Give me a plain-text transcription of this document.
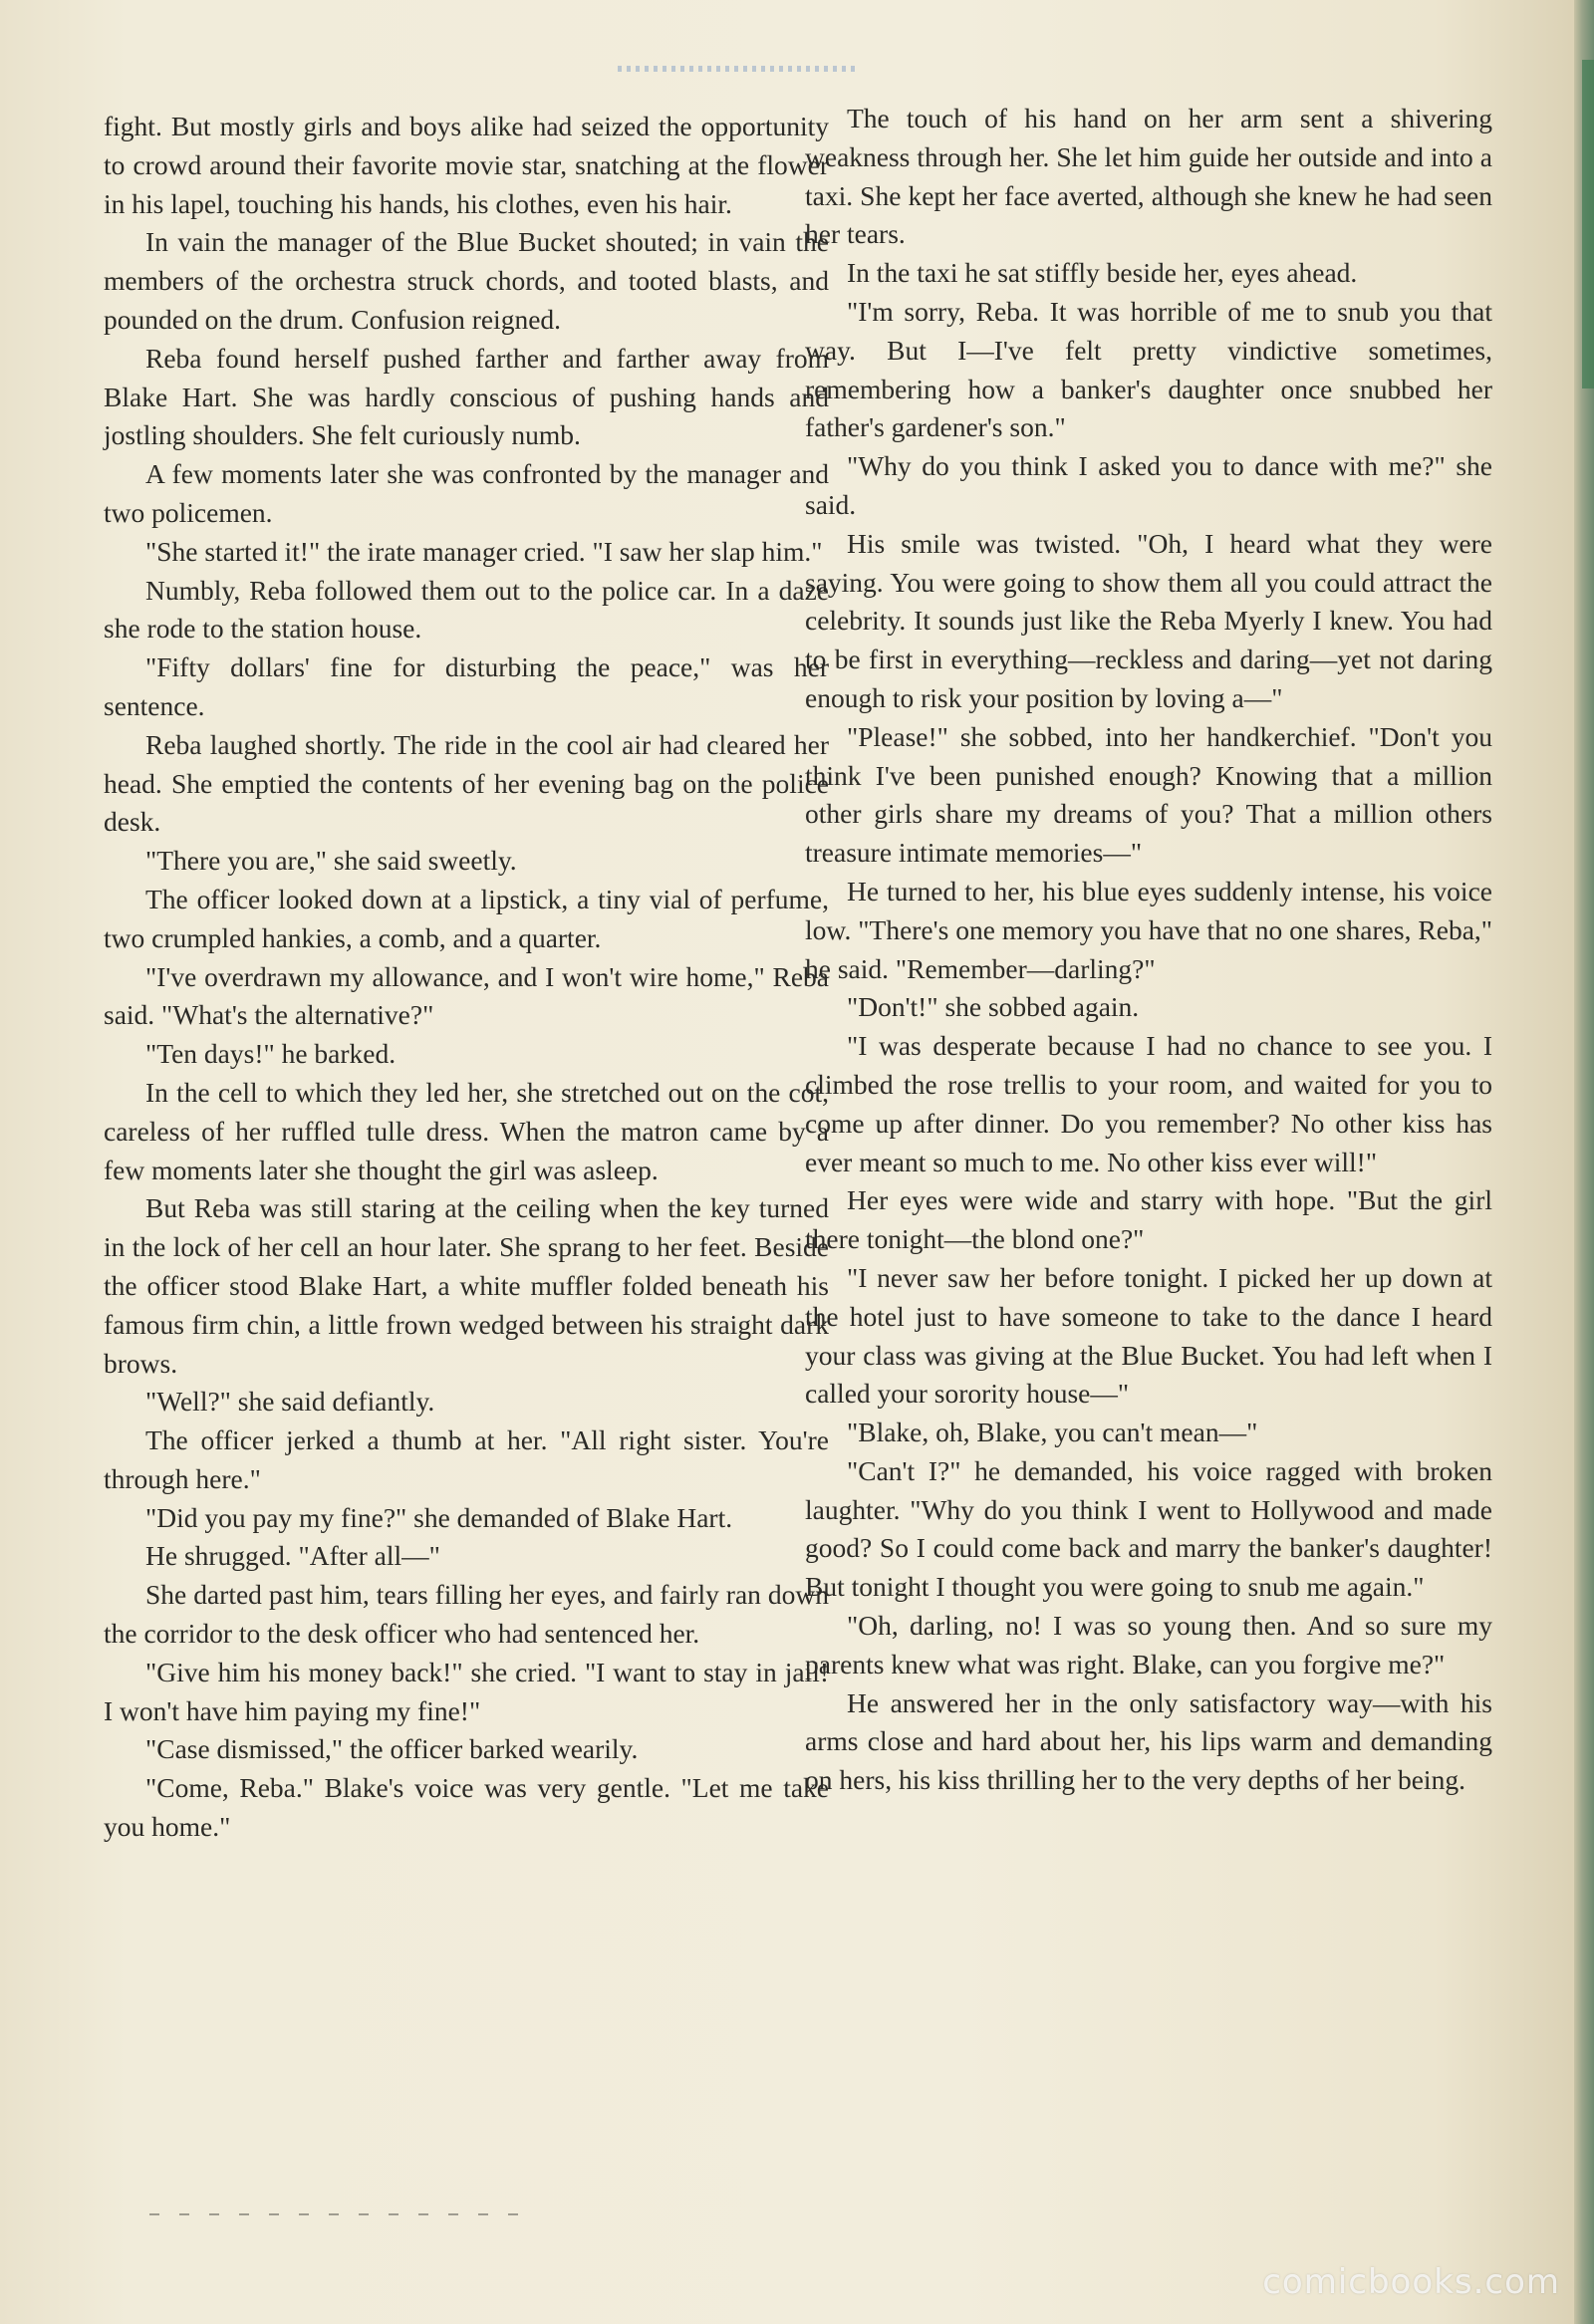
fight. But mostly girls and boys alike had seized the opportunity to crowd around their favorite movie star, snatching at the flower in his lapel, touching his hands, his clothes, even his hair.

In vain the manager of the Blue Bucket shouted; in vain the members of the orchestra struck chords, and tooted blasts, and pounded on the drum. Confusion reigned.

Reba found herself pushed farther and farther away from Blake Hart. She was hardly conscious of pushing hands and jostling shoulders. She felt curiously numb.

A few moments later she was confronted by the manager and two policemen.

"She started it!" the irate manager cried. "I saw her slap him."

Numbly, Reba followed them out to the police car. In a daze she rode to the station house.

"Fifty dollars' fine for disturbing the peace," was her sentence.

Reba laughed shortly. The ride in the cool air had cleared her head. She emptied the contents of her evening bag on the police desk.

"There you are," she said sweetly.

The officer looked down at a lipstick, a tiny vial of perfume, two crumpled hankies, a comb, and a quarter.

"I've overdrawn my allowance, and I won't wire home," Reba said. "What's the alternative?"

"Ten days!" he barked.

In the cell to which they led her, she stretched out on the cot, careless of her ruffled tulle dress. When the matron came by a few moments later she thought the girl was asleep.

But Reba was still staring at the ceiling when the key turned in the lock of her cell an hour later. She sprang to her feet. Beside the officer stood Blake Hart, a white muffler folded beneath his famous firm chin, a little frown wedged between his straight dark brows.

"Well?" she said defiantly.

The officer jerked a thumb at her. "All right sister. You're through here."

"Did you pay my fine?" she demanded of Blake Hart.

He shrugged. "After all—"

She darted past him, tears filling her eyes, and fairly ran down the corridor to the desk officer who had sentenced her.

"Give him his money back!" she cried. "I want to stay in jail! I won't have him paying my fine!"

"Case dismissed," the officer barked wearily.

"Come, Reba." Blake's voice was very gentle. "Let me take you home."

The touch of his hand on her arm sent a shivering weakness through her. She let him guide her outside and into a taxi. She kept her face averted, although she knew he had seen her tears.

In the taxi he sat stiffly beside her, eyes ahead.

"I'm sorry, Reba. It was horrible of me to snub you that way. But I—I've felt pretty vindictive sometimes, remembering how a banker's daughter once snubbed her father's gardener's son."

"Why do you think I asked you to dance with me?" she said.

His smile was twisted. "Oh, I heard what they were saying. You were going to show them all you could attract the celebrity. It sounds just like the Reba Myerly I knew. You had to be first in everything—reckless and daring—yet not daring enough to risk your position by loving a—"

"Please!" she sobbed, into her handkerchief. "Don't you think I've been punished enough? Knowing that a million other girls share my dreams of you? That a million others treasure intimate memories—"

He turned to her, his blue eyes suddenly intense, his voice low. "There's one memory you have that no one shares, Reba," he said. "Remember—darling?"

"Don't!" she sobbed again.

"I was desperate because I had no chance to see you. I climbed the rose trellis to your room, and waited for you to come up after dinner. Do you remember? No other kiss has ever meant so much to me. No other kiss ever will!"

Her eyes were wide and starry with hope. "But the girl there tonight—the blond one?"

"I never saw her before tonight. I picked her up down at the hotel just to have someone to take to the dance I heard your class was giving at the Blue Bucket. You had left when I called your sorority house—"

"Blake, oh, Blake, you can't mean—"

"Can't I?" he demanded, his voice ragged with broken laughter. "Why do you think I went to Hollywood and made good? So I could come back and marry the banker's daughter! But tonight I thought you were going to snub me again."

"Oh, darling, no! I was so young then. And so sure my parents knew what was right. Blake, can you forgive me?"

He answered her in the only satisfactory way—with his arms close and hard about her, his lips warm and demanding on hers, his kiss thrilling her to the very depths of her being.

comicbooks.com
